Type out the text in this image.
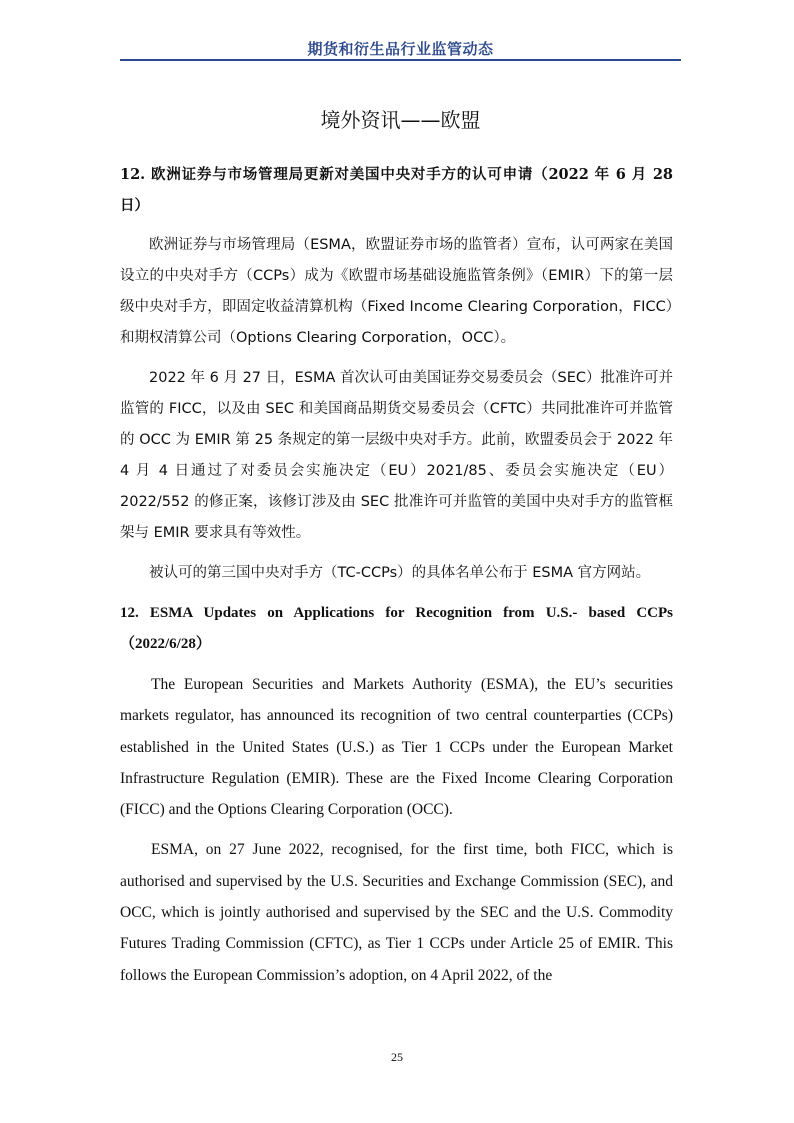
期货和衍生品行业监管动态
境外资讯——欧盟

12. 欧洲证券与市场管理局更新对美国中央对手方的认可申请（2022 年 6 月 28 日）

欧洲证券与市场管理局（ESMA，欧盟证券市场的监管者）宣布，认可两家在美国设立的中央对手方（CCPs）成为《欧盟市场基础设施监管条例》（EMIR）下的第一层级中央对手方，即固定收益清算机构（Fixed Income Clearing Corporation，FICC）和期权清算公司（Options Clearing Corporation，OCC）。

2022 年 6 月 27 日，ESMA 首次认可由美国证券交易委员会（SEC）批准许可并监管的 FICC，以及由 SEC 和美国商品期货交易委员会（CFTC）共同批准许可并监管的 OCC 为 EMIR 第 25 条规定的第一层级中央对手方。此前，欧盟委员会于 2022 年 4 月 4 日通过了对委员会实施决定（EU）2021/85、委员会实施决定（EU）2022/552 的修正案，该修订涉及由 SEC 批准许可并监管的美国中央对手方的监管框架与 EMIR 要求具有等效性。

被认可的第三国中央对手方（TC-CCPs）的具体名单公布于 ESMA 官方网站。

12. ESMA Updates on Applications for Recognition from U.S.- based CCPs （2022/6/28）

The European Securities and Markets Authority (ESMA), the EU’s securities markets regulator, has announced its recognition of two central counterparties (CCPs) established in the United States (U.S.) as Tier 1 CCPs under the European Market Infrastructure Regulation (EMIR). These are the Fixed Income Clearing Corporation (FICC) and the Options Clearing Corporation (OCC).

ESMA, on 27 June 2022, recognised, for the first time, both FICC, which is authorised and supervised by the U.S. Securities and Exchange Commission (SEC), and OCC, which is jointly authorised and supervised by the SEC and the U.S. Commodity Futures Trading Commission (CFTC), as Tier 1 CCPs under Article 25 of EMIR. This follows the European Commission’s adoption, on 4 April 2022, of the

25
